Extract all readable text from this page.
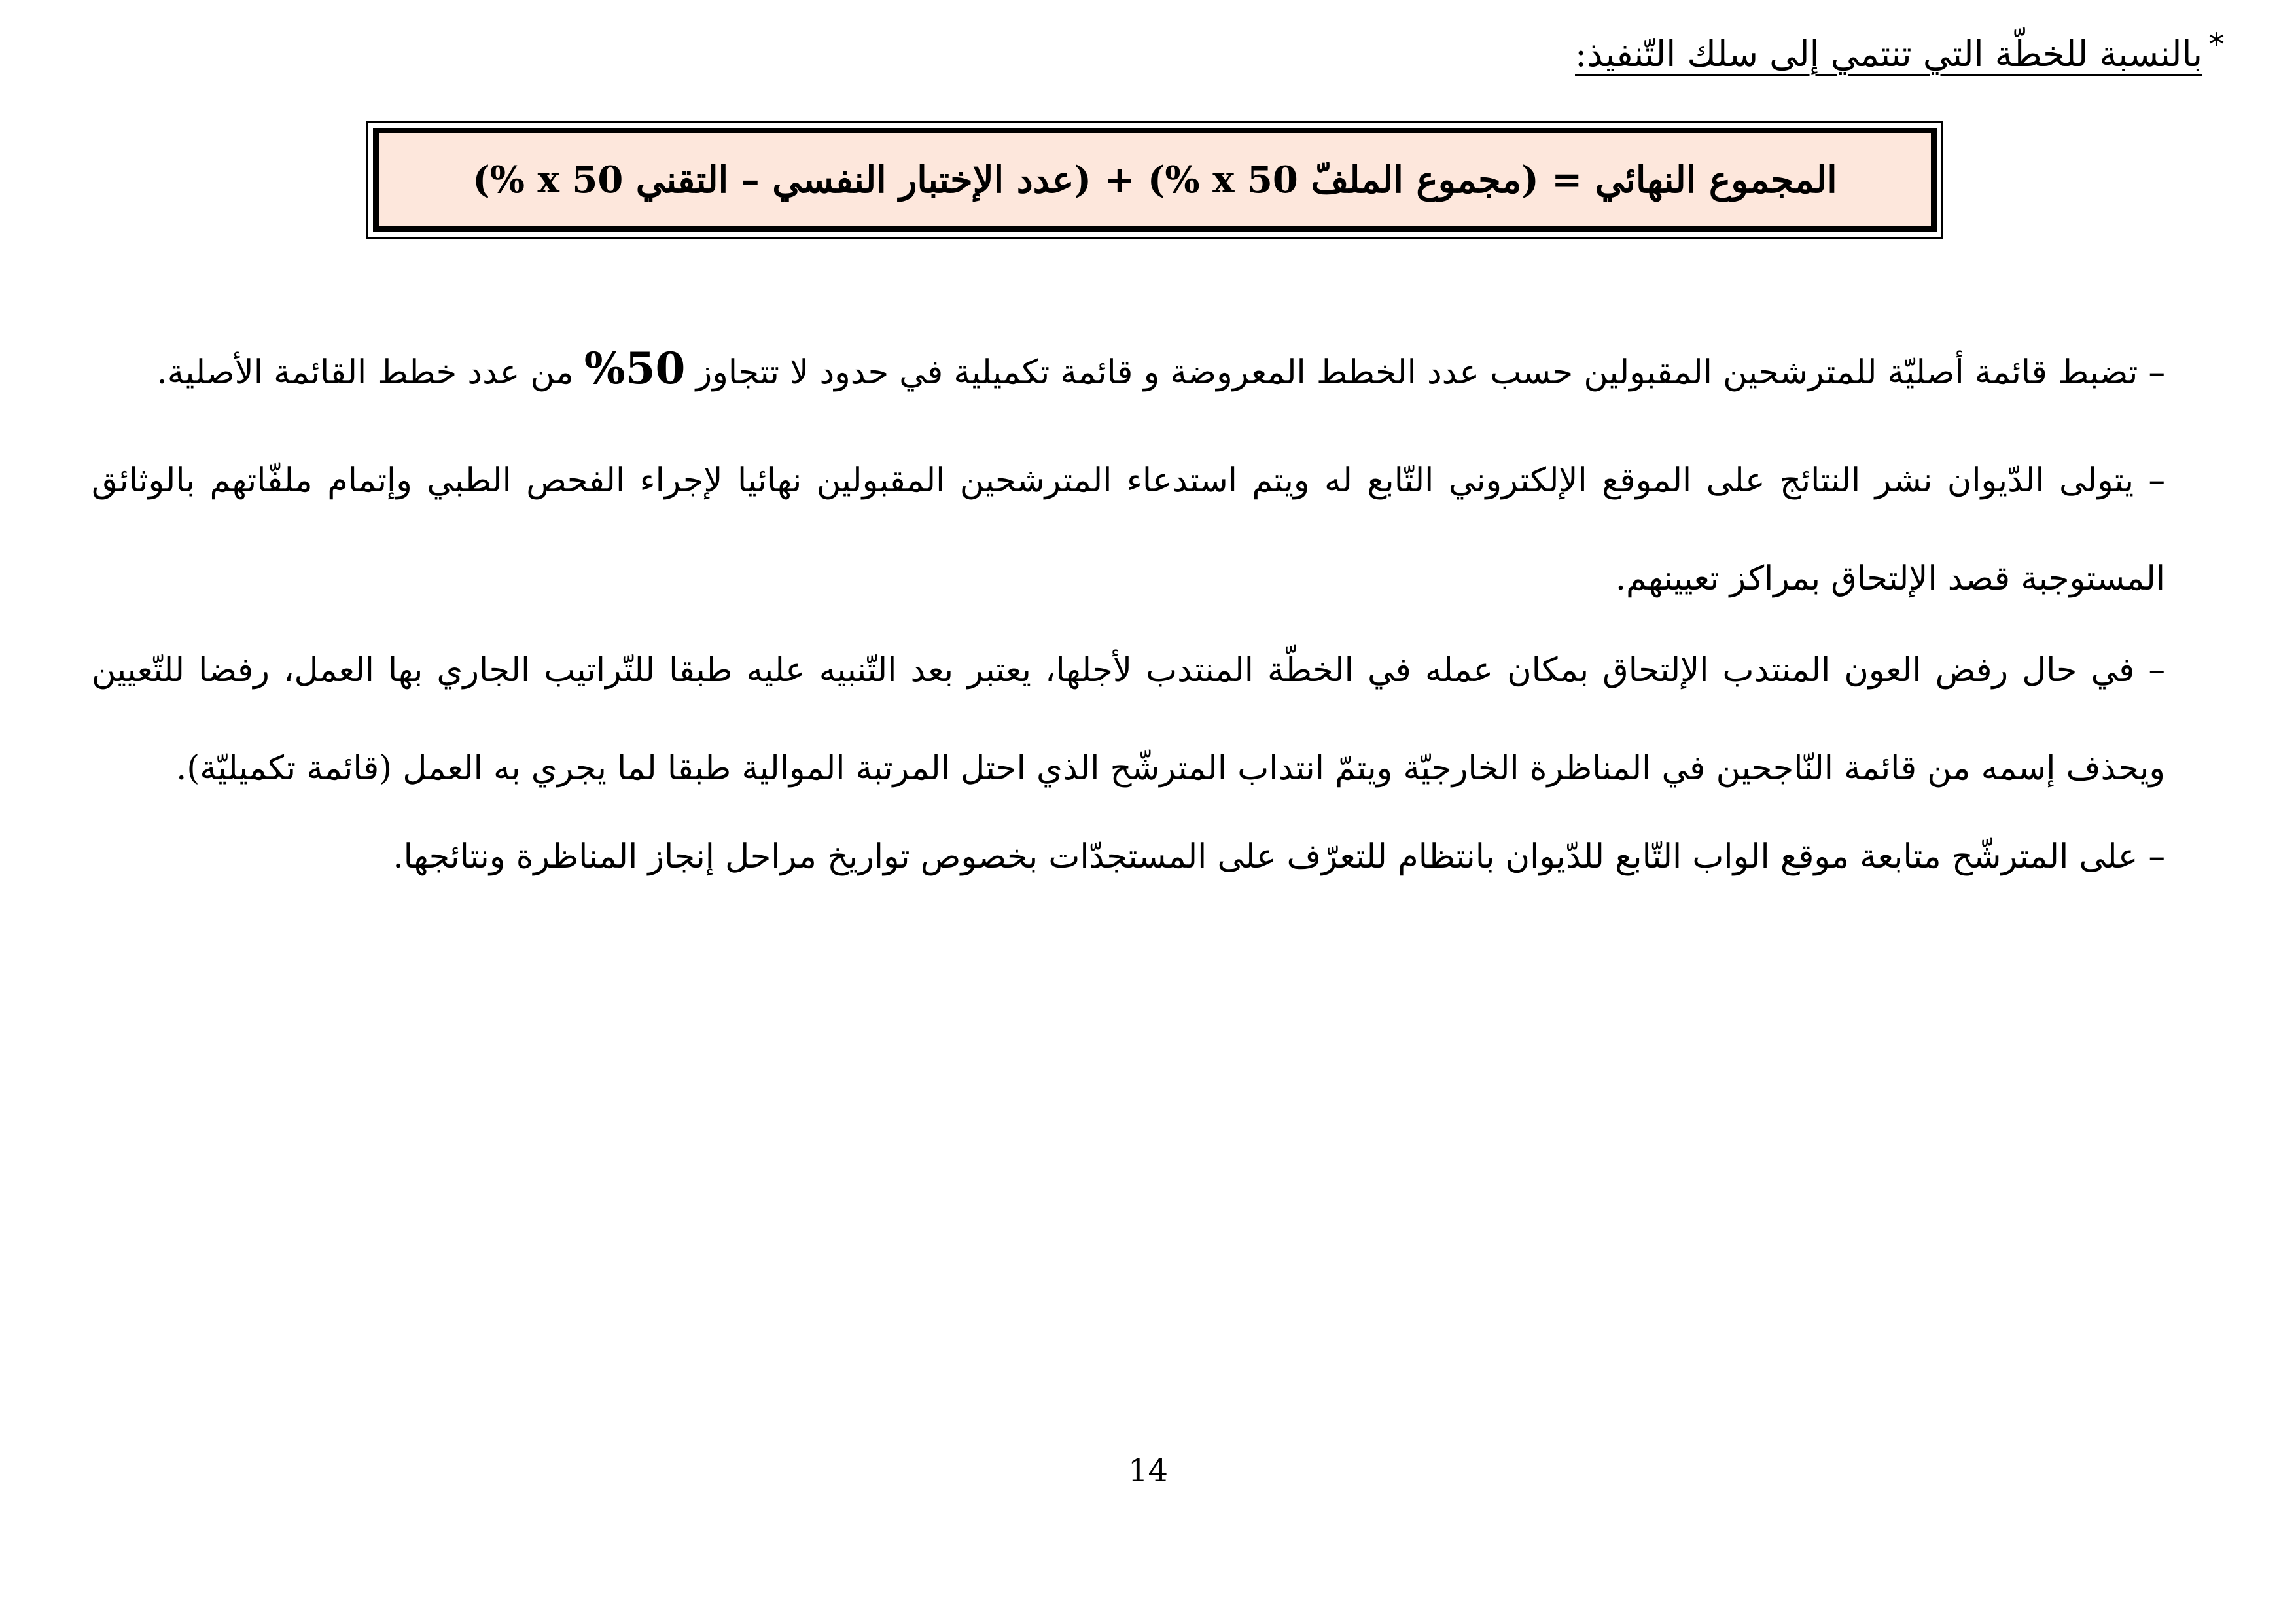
*بالنسبة للخطّة التي تنتمي إلى سلك التّنفيذ:
المجموع النهائي = (مجموع الملفّ x 50 %) + (عدد الإختبار النفسي – التقني x 50 %)

– تضبط قائمة أصليّة للمترشحين المقبولين حسب عدد الخطط المعروضة و قائمة تكميلية في حدود لا تتجاوز 50% من عدد خطط القائمة الأصلية.

– يتولى الدّيوان نشر النتائج على الموقع الإلكتروني التّابع له ويتم استدعاء المترشحين المقبولين نهائيا لإجراء الفحص الطبي وإتمام ملفّاتهم بالوثائق المستوجبة قصد الإلتحاق بمراكز تعيينهم.

– في حال رفض العون المنتدب الإلتحاق بمكان عمله في الخطّة المنتدب لأجلها، يعتبر بعد التّنبيه عليه طبقا للتّراتيب الجاري بها العمل، رفضا للتّعيين ويحذف إسمه من قائمة النّاجحين في المناظرة الخارجيّة ويتمّ انتداب المترشّح الذي احتل المرتبة الموالية طبقا لما يجري به العمل (قائمة تكميليّة).

– على المترشّح متابعة موقع الواب التّابع للدّيوان بانتظام للتعرّف على المستجدّات بخصوص تواريخ مراحل إنجاز المناظرة ونتائجها.

14
